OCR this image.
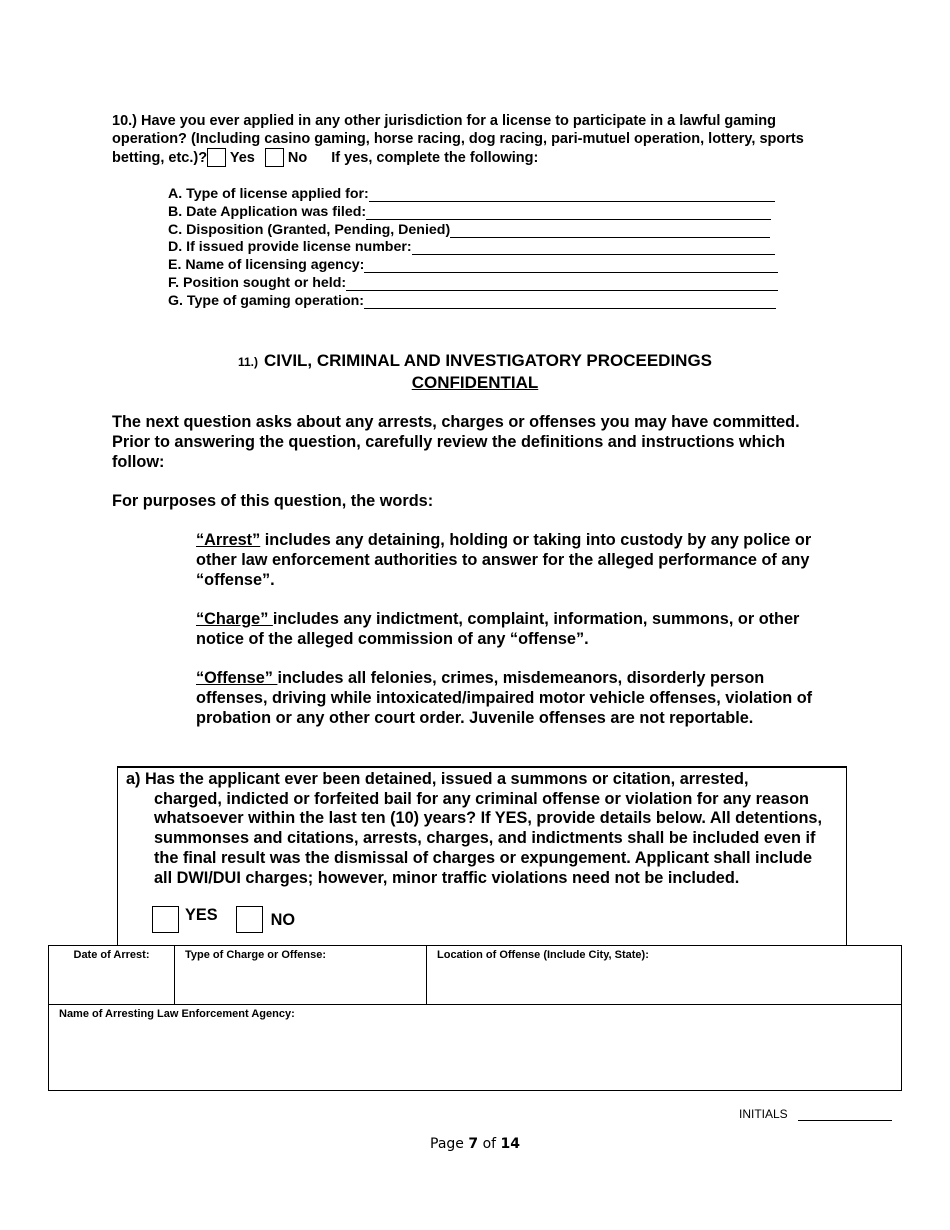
10.) Have you ever applied in any other jurisdiction for a license to participate in a lawful gaming operation? (Including casino gaming, horse racing, dog racing, pari-mutuel operation, lottery, sports betting, etc.)? Yes No If yes, complete the following:
A. Type of license applied for:
B. Date Application was filed:
C. Disposition (Granted, Pending, Denied)
D. If issued provide license number:
E. Name of licensing agency:
F. Position sought or held:
G. Type of gaming operation:
11.) CIVIL, CRIMINAL AND INVESTIGATORY PROCEEDINGS
CONFIDENTIAL
The next question asks about any arrests, charges or offenses you may have committed. Prior to answering the question, carefully review the definitions and instructions which follow:
For purposes of this question, the words:
“Arrest” includes any detaining, holding or taking into custody by any police or other law enforcement authorities to answer for the alleged performance of any “offense”.
“Charge” includes any indictment, complaint, information, summons, or other notice of the alleged commission of any “offense”.
“Offense” includes all felonies, crimes, misdemeanors, disorderly person offenses, driving while intoxicated/impaired motor vehicle offenses, violation of probation or any other court order. Juvenile offenses are not reportable.
a) Has the applicant ever been detained, issued a summons or citation, arrested,
charged, indicted or forfeited bail for any criminal offense or violation for any reason whatsoever within the last ten (10) years? If YES, provide details below. All detentions, summonses and citations, arrests, charges, and indictments shall be included even if the final result was the dismissal of charges or expungement. Applicant shall include all DWI/DUI charges; however, minor traffic violations need not be included.
YES	NO
Date of Arrest:	Type of Charge or Offense:	Location of Offense (Include City, State):
Name of Arresting Law Enforcement Agency:
INITIALS
Page 7 of 14
